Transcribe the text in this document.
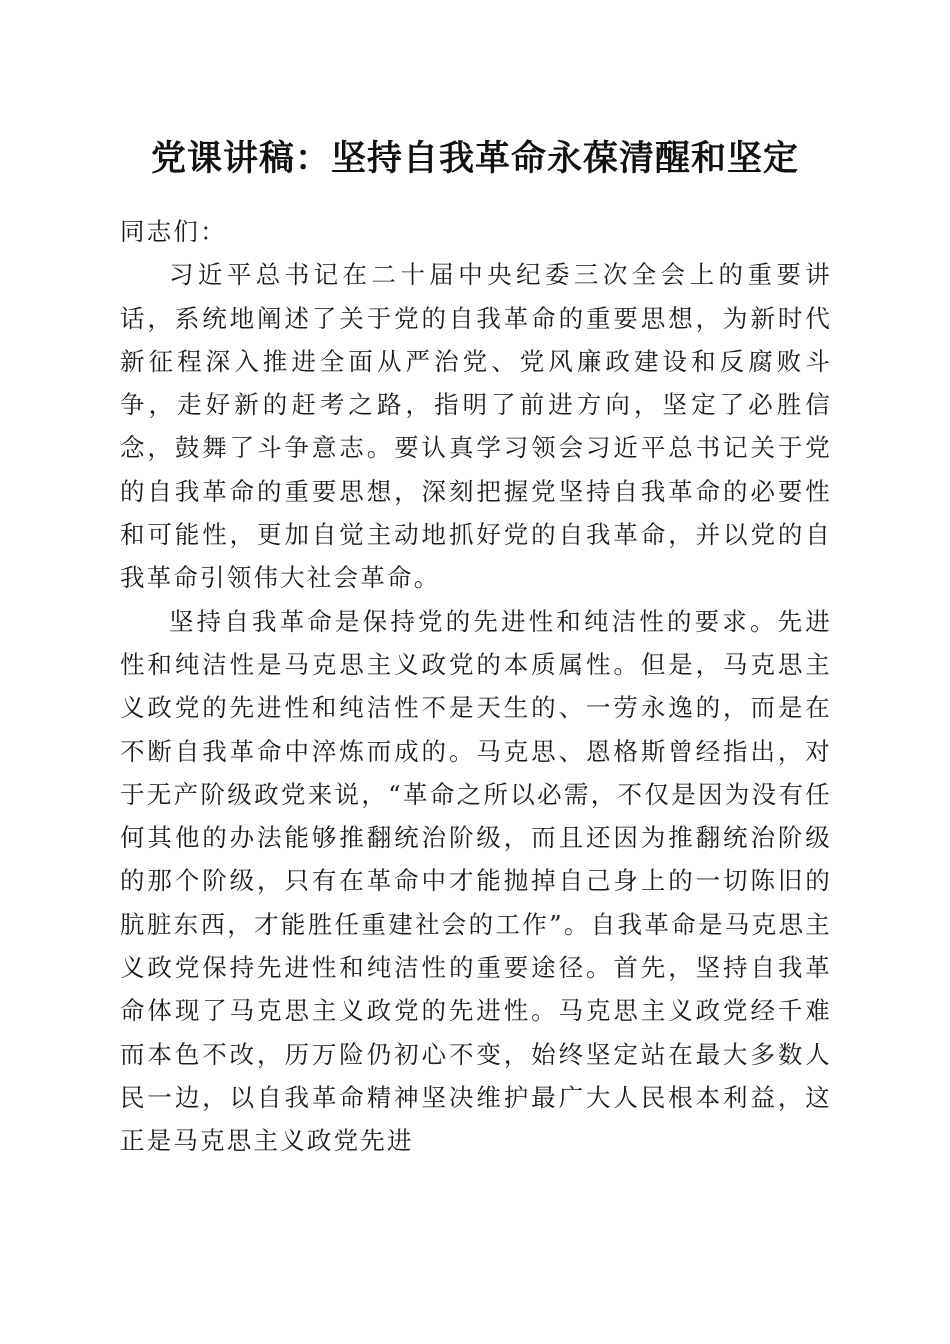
党课讲稿：坚持自我革命永葆清醒和坚定

同志们：

习近平总书记在二十届中央纪委三次全会上的重要讲话，系统地阐述了关于党的自我革命的重要思想，为新时代新征程深入推进全面从严治党、党风廉政建设和反腐败斗争，走好新的赶考之路，指明了前进方向，坚定了必胜信念，鼓舞了斗争意志。要认真学习领会习近平总书记关于党的自我革命的重要思想，深刻把握党坚持自我革命的必要性和可能性，更加自觉主动地抓好党的自我革命，并以党的自我革命引领伟大社会革命。

坚持自我革命是保持党的先进性和纯洁性的要求。先进性和纯洁性是马克思主义政党的本质属性。但是，马克思主义政党的先进性和纯洁性不是天生的、一劳永逸的，而是在不断自我革命中淬炼而成的。马克思、恩格斯曾经指出，对于无产阶级政党来说，“革命之所以必需，不仅是因为没有任何其他的办法能够推翻统治阶级，而且还因为推翻统治阶级的那个阶级，只有在革命中才能抛掉自己身上的一切陈旧的肮脏东西，才能胜任重建社会的工作”。自我革命是马克思主义政党保持先进性和纯洁性的重要途径。首先，坚持自我革命体现了马克思主义政党的先进性。马克思主义政党经千难而本色不改，历万险仍初心不变，始终坚定站在最大多数人民一边，以自我革命精神坚决维护最广大人民根本利益，这正是马克思主义政党先进
